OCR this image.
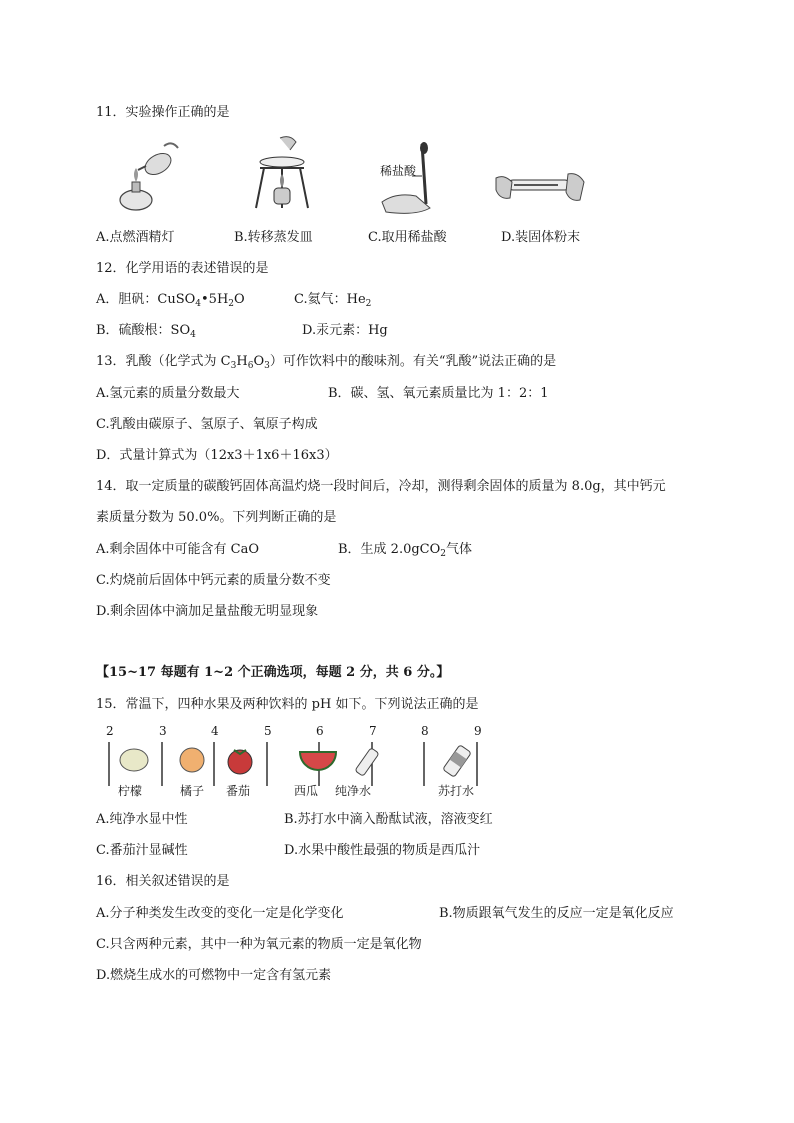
11．实验操作正确的是
稀盐酸
A.点燃酒精灯	B.转移蒸发皿	C.取用稀盐酸	D.装固体粉末
12．化学用语的表述错误的是
A．胆矾：$CuSO_4•5H_2O$	C.氦气：$He_2$
B．硫酸根：$SO_4$	D.汞元素：Hg
13．乳酸（化学式为 $C_3H_6O_3$）可作饮料中的酸味剂。有关“乳酸”说法正确的是
A.氢元素的质量分数最大	B．碳、氢、氧元素质量比为 1：2：1
C.乳酸由碳原子、氢原子、氧原子构成
D．式量计算式为（12x3＋1x6＋16x3）
14．取一定质量的碳酸钙固体高温灼烧一段时间后，冷却，测得剩余固体的质量为 8.0g，其中钙元
素质量分数为 50.0%。下列判断正确的是
A.剩余固体中可能含有 CaO	B．生成 2.0gCO$_2$气体
C.灼烧前后固体中钙元素的质量分数不变
D.剩余固体中滴加足量盐酸无明显现象
【15~17 每题有 1~2 个正确选项，每题 2 分，共 6 分。】
15．常温下，四种水果及两种饮料的 pH 如下。下列说法正确的是
2	3	4	5	6	7	8	9
柠檬	橘子 番茄	西瓜 纯净水	苏打水
A.纯净水显中性	B.苏打水中滴入酚酞试液，溶液变红
C.番茄汁显碱性	D.水果中酸性最强的物质是西瓜汁
16．相关叙述错误的是
A.分子种类发生改变的变化一定是化学变化	B.物质跟氧气发生的反应一定是氧化反应
C.只含两种元素，其中一种为氧元素的物质一定是氧化物
D.燃烧生成水的可燃物中一定含有氢元素
